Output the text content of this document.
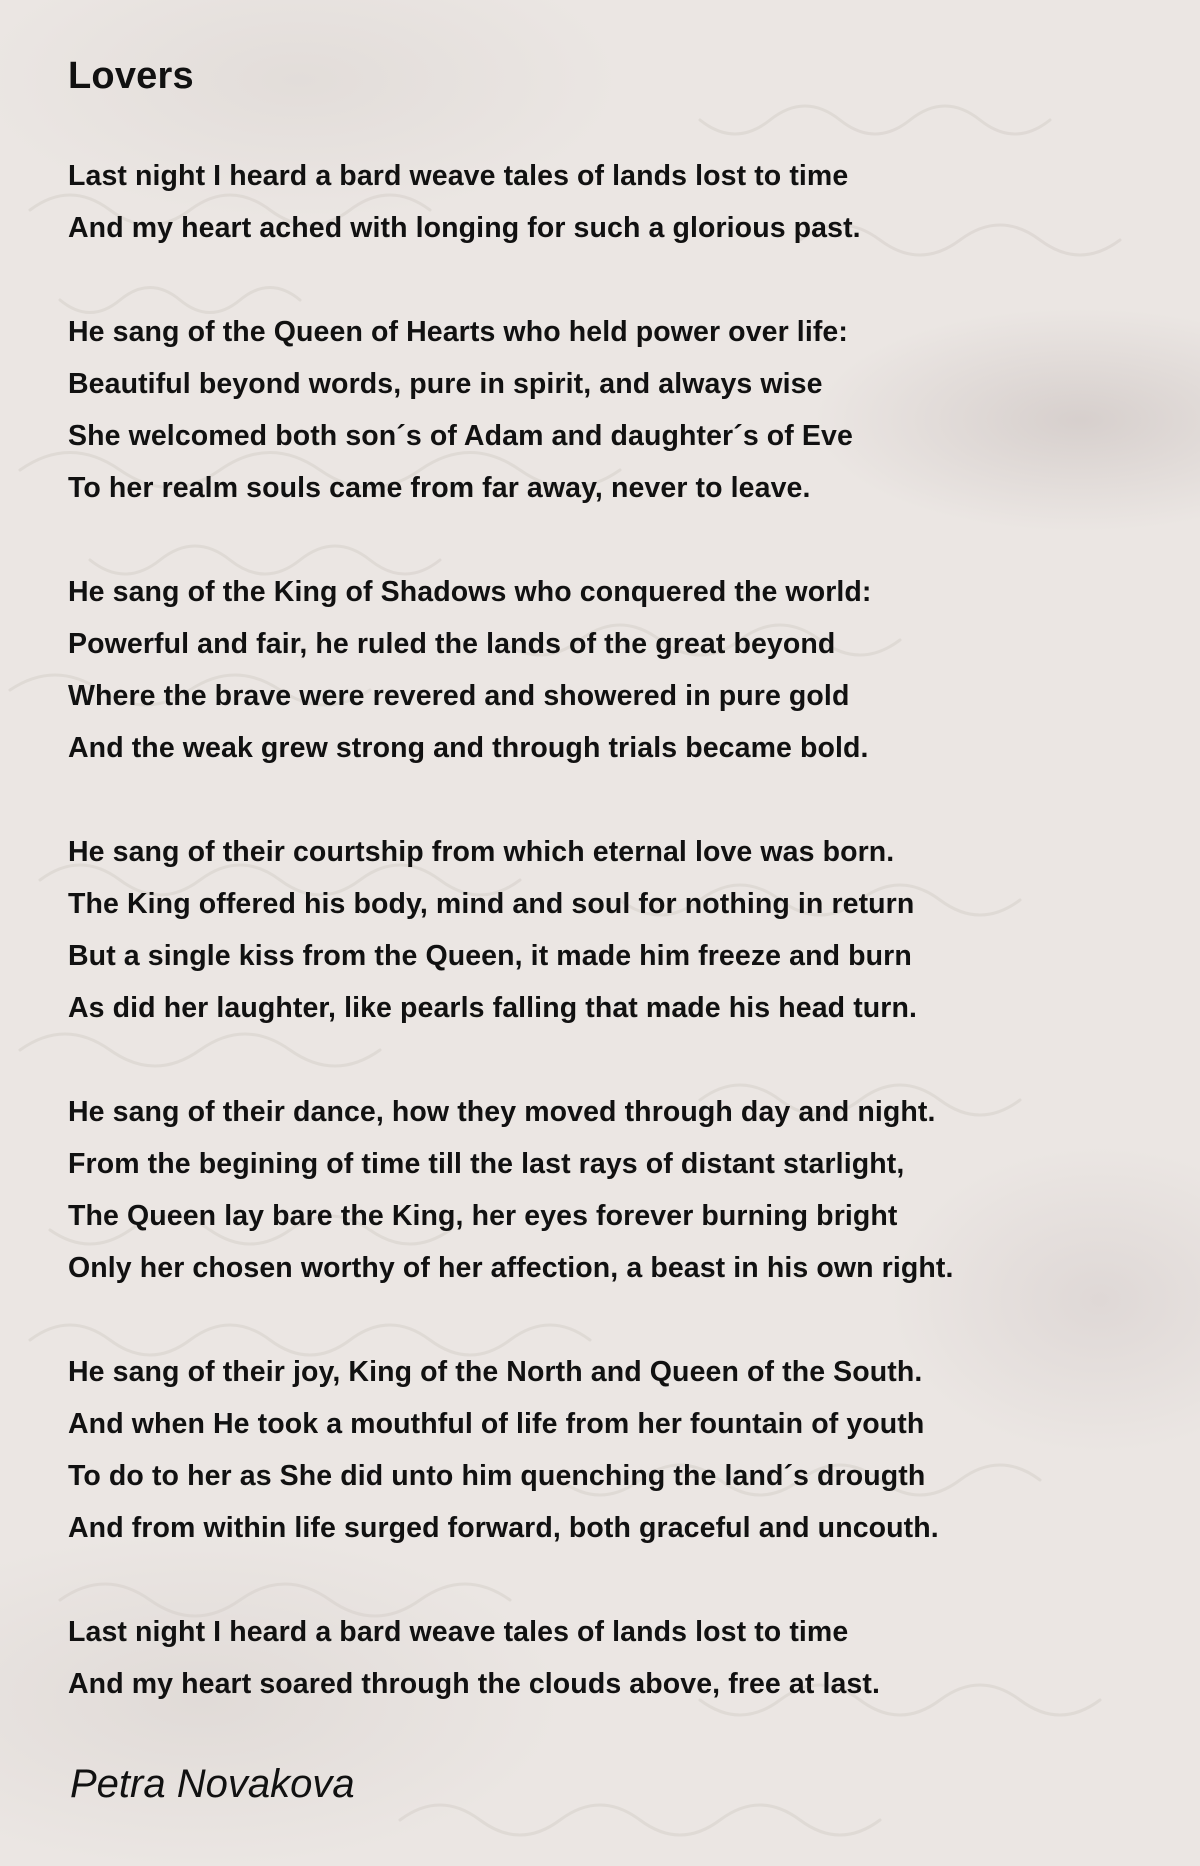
Lovers
Last night I heard a bard weave tales of lands lost to time
And my heart ached with longing for such a glorious past.
He sang of the Queen of Hearts who held power over life:
Beautiful beyond words, pure in spirit, and always wise
She welcomed both son´s of Adam and daughter´s of Eve
To her realm souls came from far away, never to leave.
He sang of the King of Shadows who conquered the world:
Powerful and fair, he ruled the lands of the great beyond
Where the brave were revered and showered in pure gold
And the weak grew strong and through trials became bold.
He sang of their courtship from which eternal love was born.
The King offered his body, mind and soul for nothing in return
But a single kiss from the Queen, it made him freeze and burn
As did her laughter, like pearls falling that made his head turn.
He sang of their dance, how they moved through day and night.
From the begining of time till the last rays of distant starlight,
The Queen lay bare the King, her eyes forever burning bright
Only her chosen worthy of her affection, a beast in his own right.
He sang of their joy, King of the North and Queen of the South.
And when He took a mouthful of life from her fountain of youth
To do to her as She did unto him quenching the land´s drougth
And from within life surged forward, both graceful and uncouth.
Last night I heard a bard weave tales of lands lost to time
And my heart soared through the clouds above, free at last.
Petra Novakova
